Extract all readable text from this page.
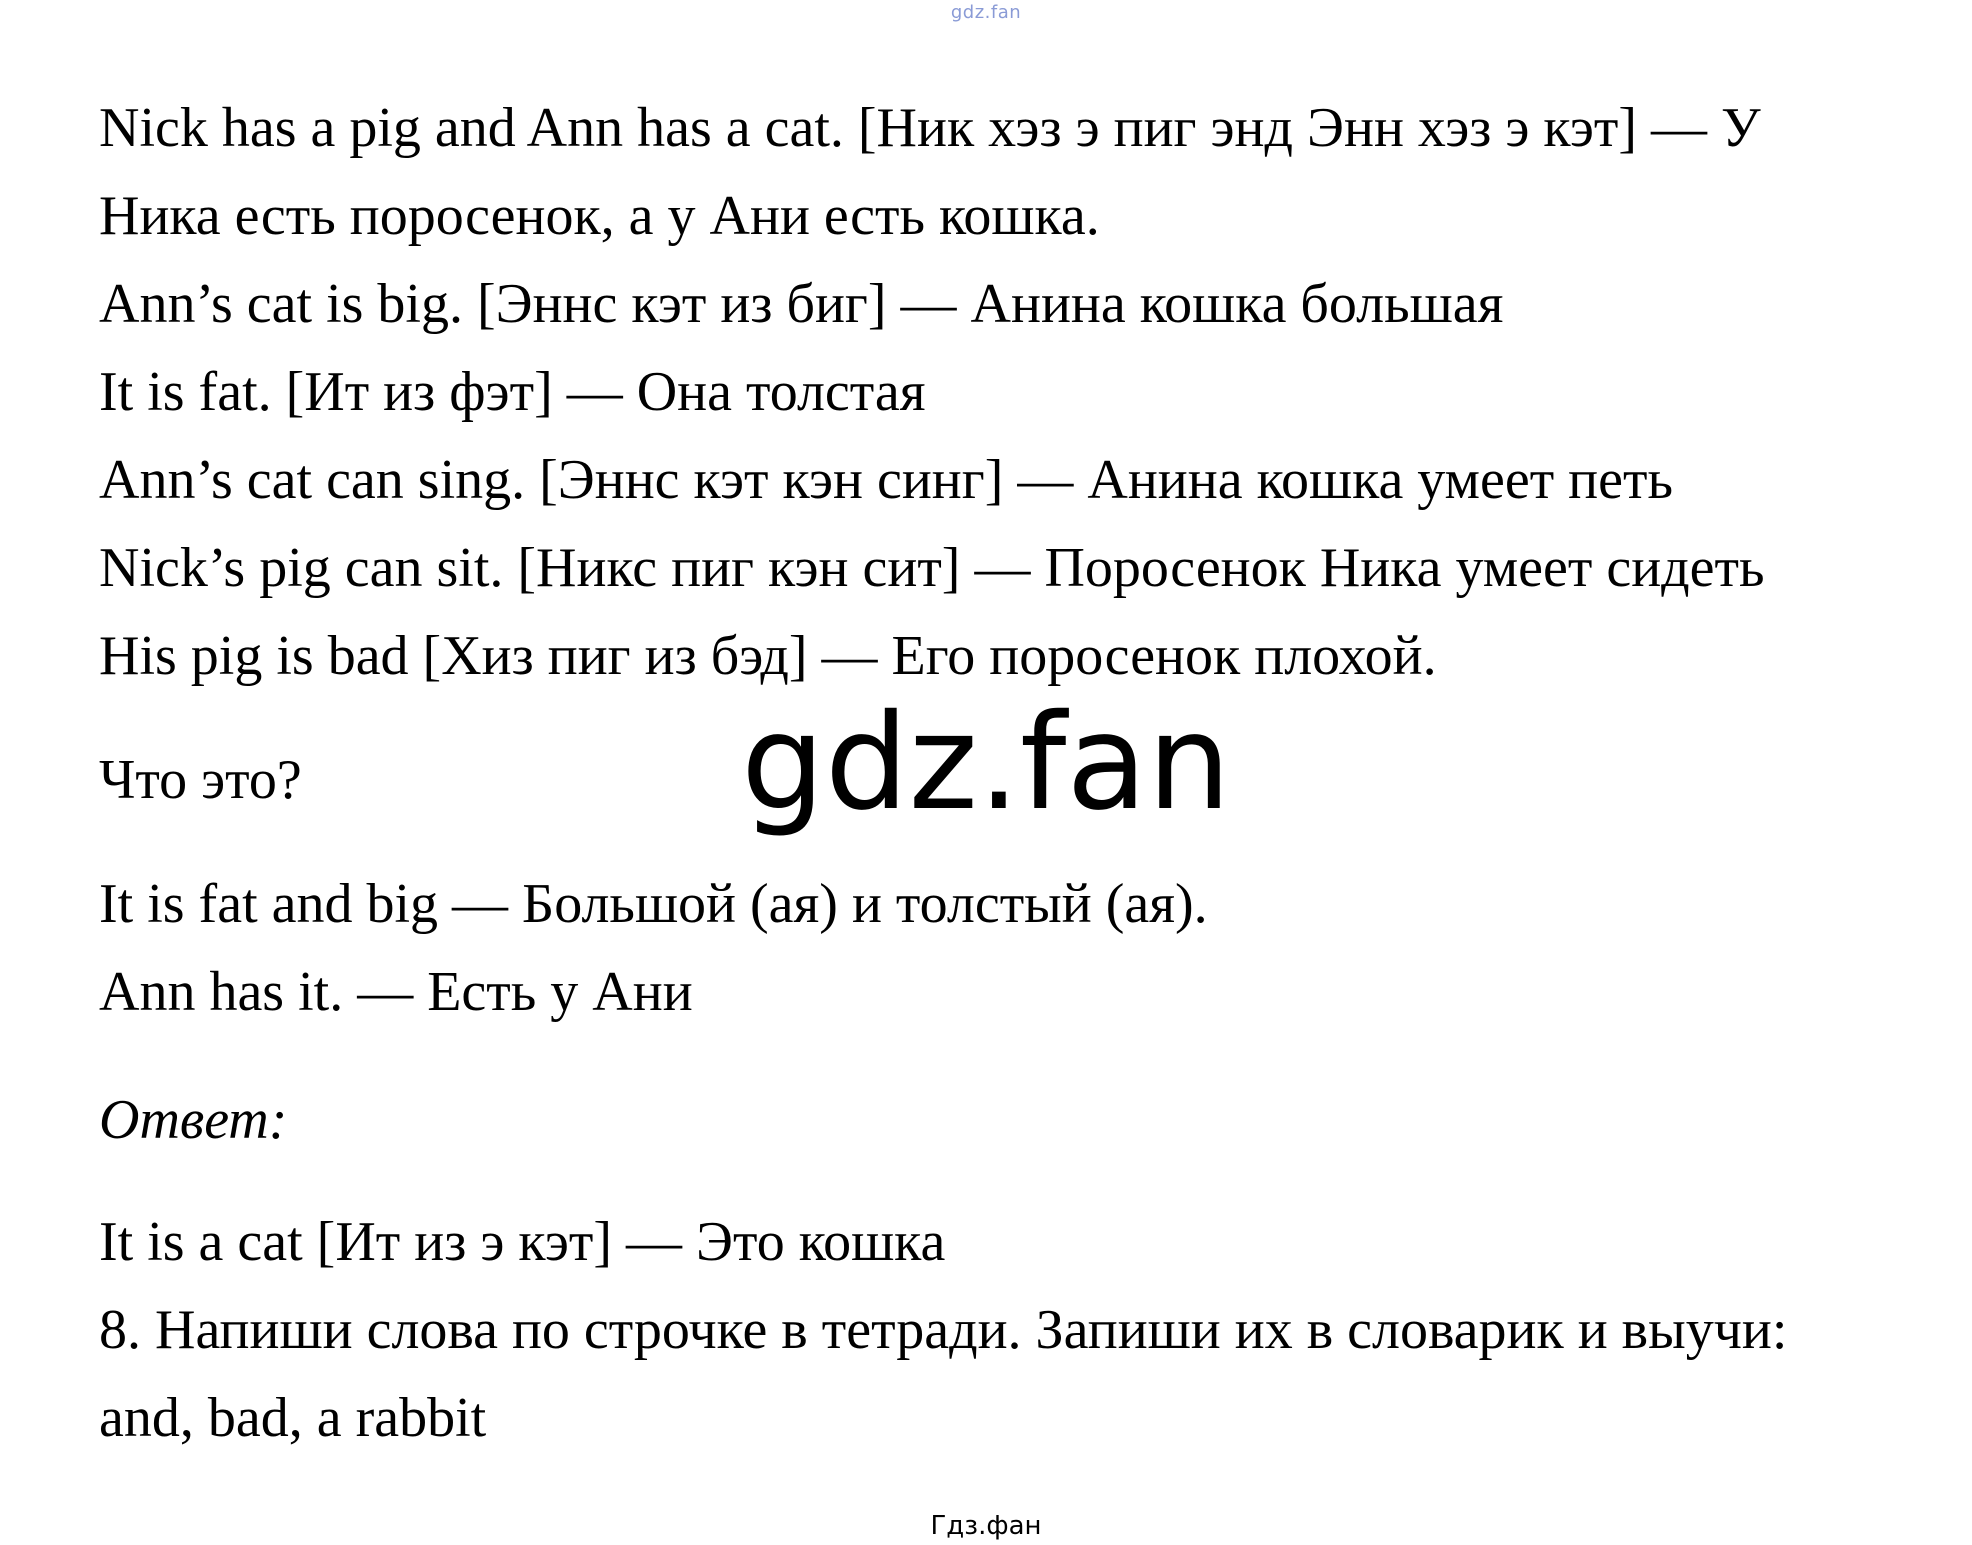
gdz.fan
gdz.fan

Nick has a pig and Ann has a cat. [Ник хэз э пиг энд Энн хэз э кэт] — У

Ника есть поросенок, а у Ани есть кошка.

Ann’s cat is big. [Эннс кэт из биг] — Анина кошка большая

It is fat. [Ит из фэт] — Она толстая

Ann’s cat can sing. [Эннс кэт кэн синг] — Анина кошка умеет петь

Nick’s pig can sit. [Никс пиг кэн сит] — Поросенок Ника умеет сидеть

His pig is bad [Хиз пиг из бэд] — Его поросенок плохой.

Что это?

It is fat and big — Большой (ая) и толстый (ая).

Ann has it. — Есть у Ани

Ответ:

It is a cat [Ит из э кэт] — Это кошка

8. Напиши слова по строчке в тетради. Запиши их в словарик и выучи:

and, bad, a rabbit

Гдз.фан
